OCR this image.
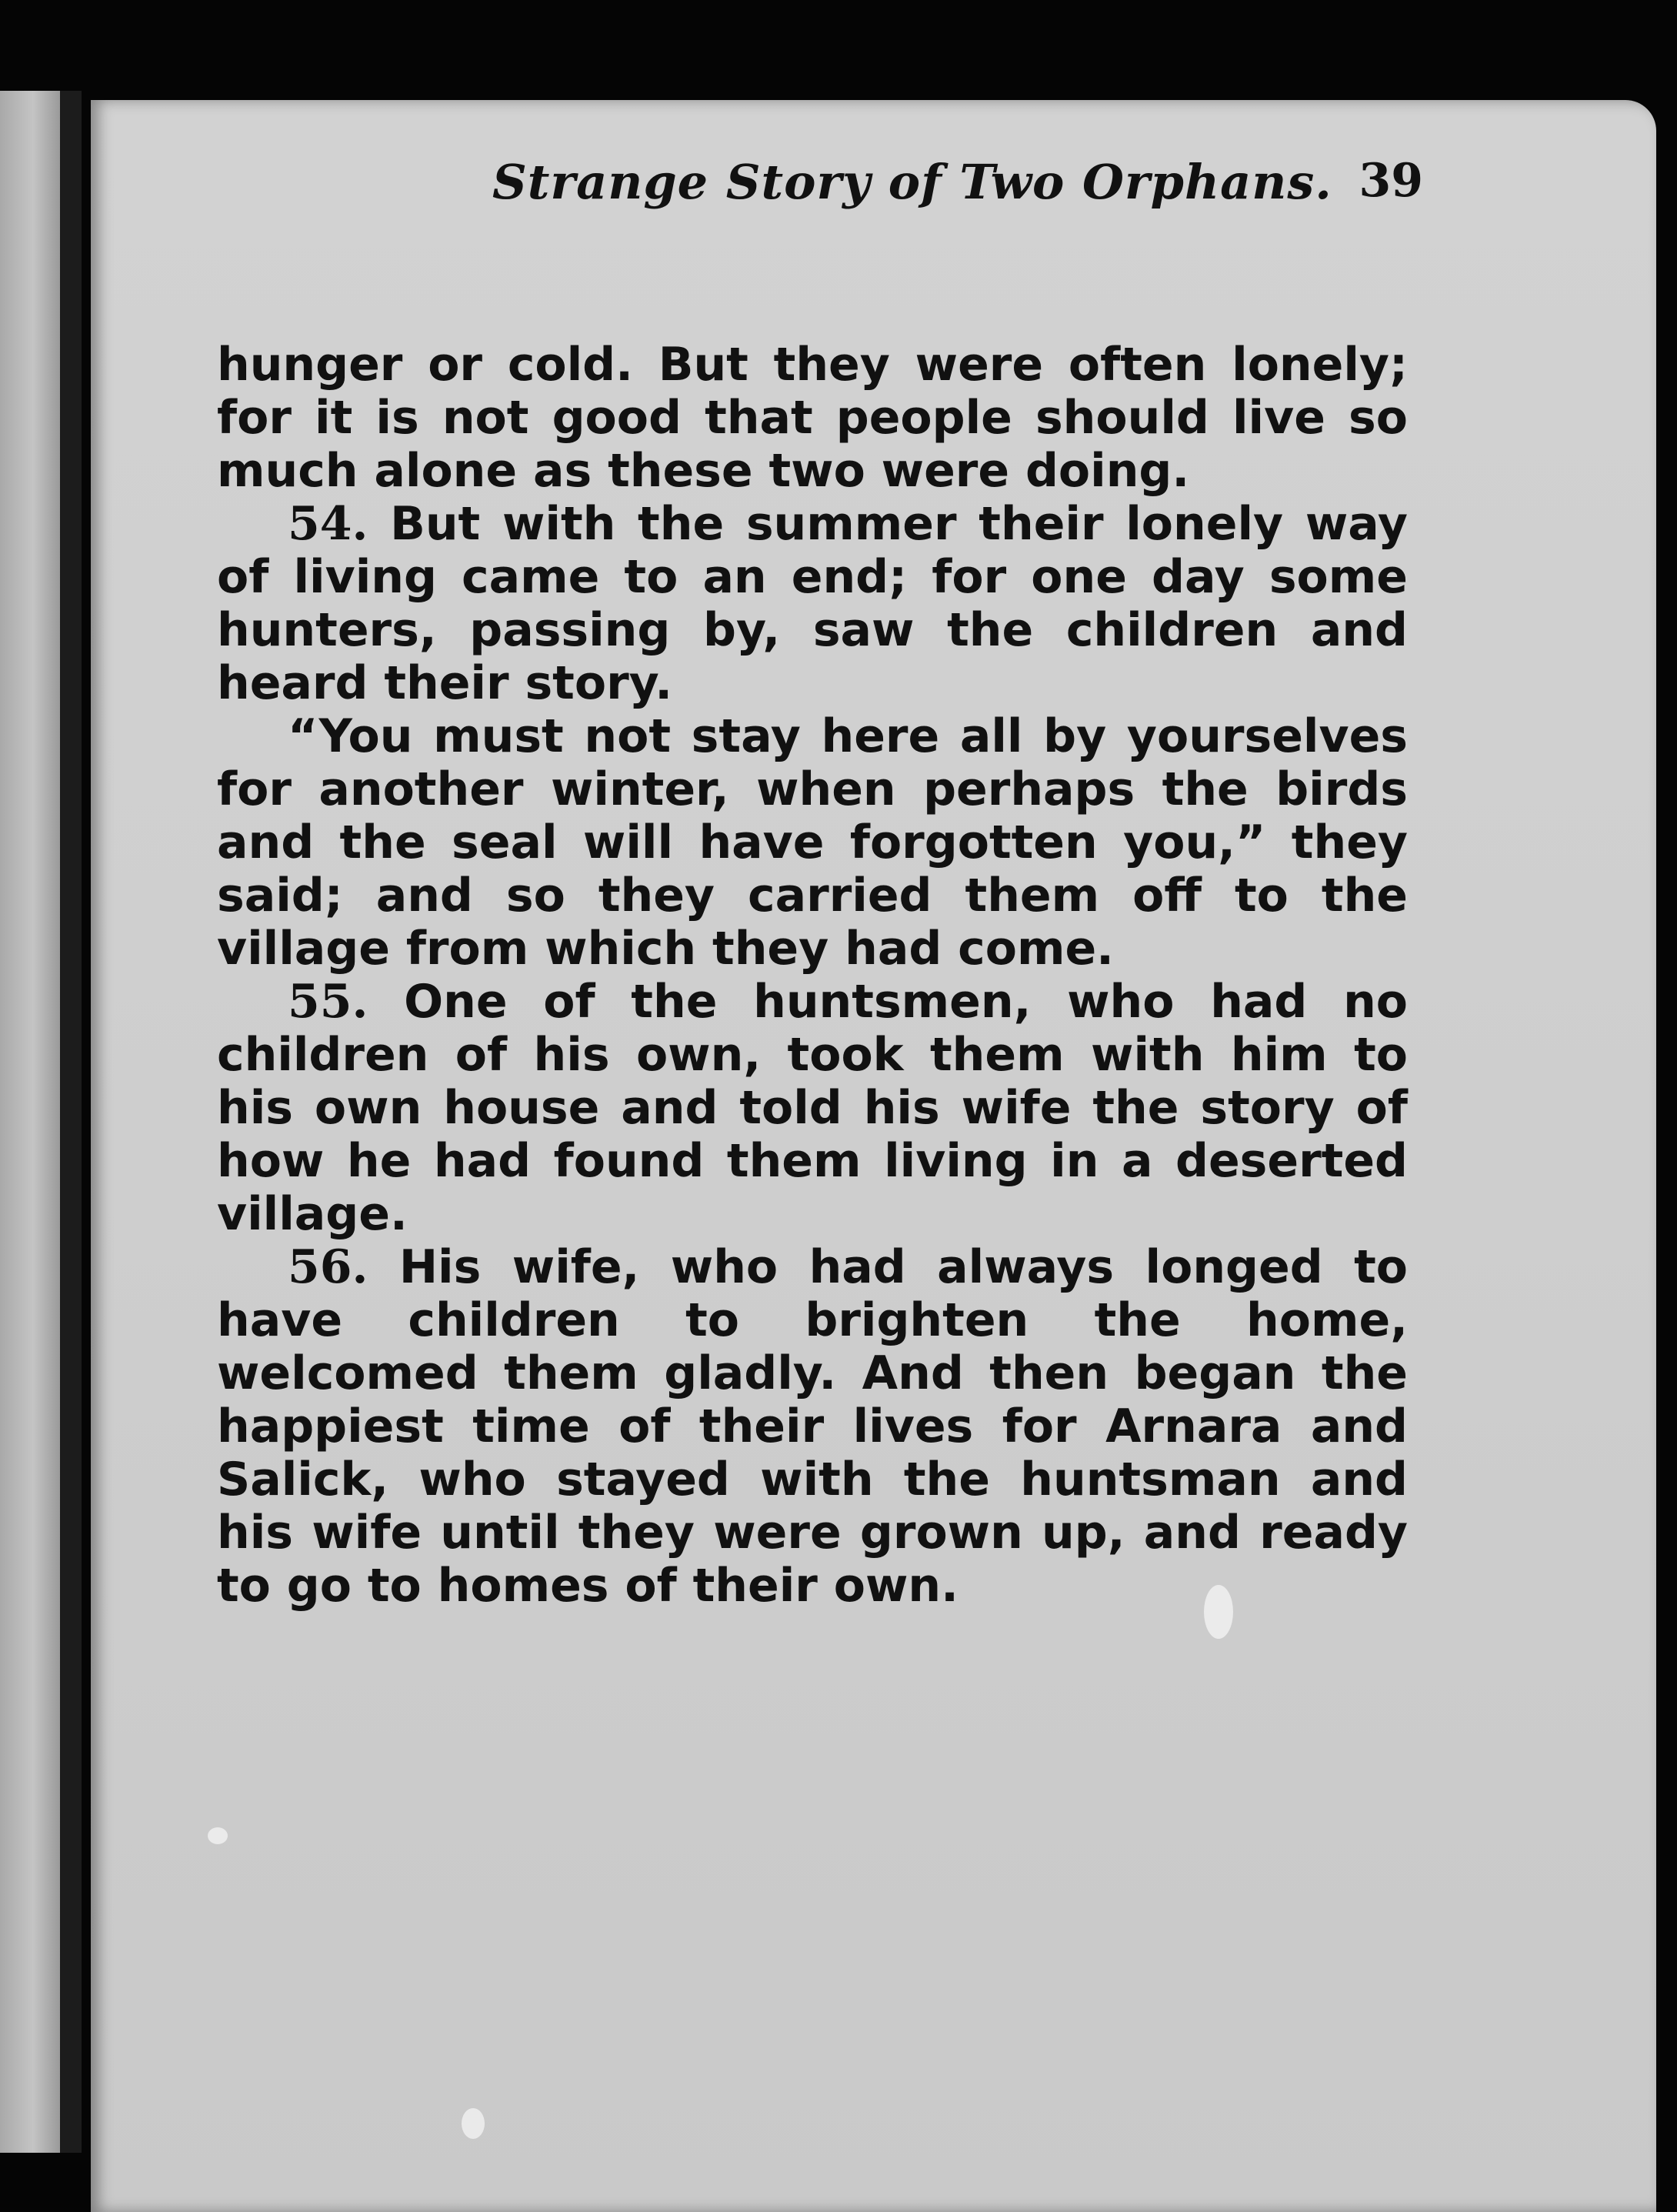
Strange Story of Two Orphans. 39

hunger or cold. But they were often lonely; for it is not good that people should live so much alone as these two were doing.

54. But with the summer their lonely way of living came to an end; for one day some hunters, passing by, saw the children and heard their story.

“You must not stay here all by yourselves for another winter, when perhaps the birds and the seal will have forgotten you,” they said; and so they carried them off to the village from which they had come.

55. One of the huntsmen, who had no children of his own, took them with him to his own house and told his wife the story of how he had found them living in a deserted village.

56. His wife, who had always longed to have children to brighten the home, welcomed them gladly. And then began the happiest time of their lives for Arnara and Salick, who stayed with the huntsman and his wife until they were grown up, and ready to go to homes of their own.
